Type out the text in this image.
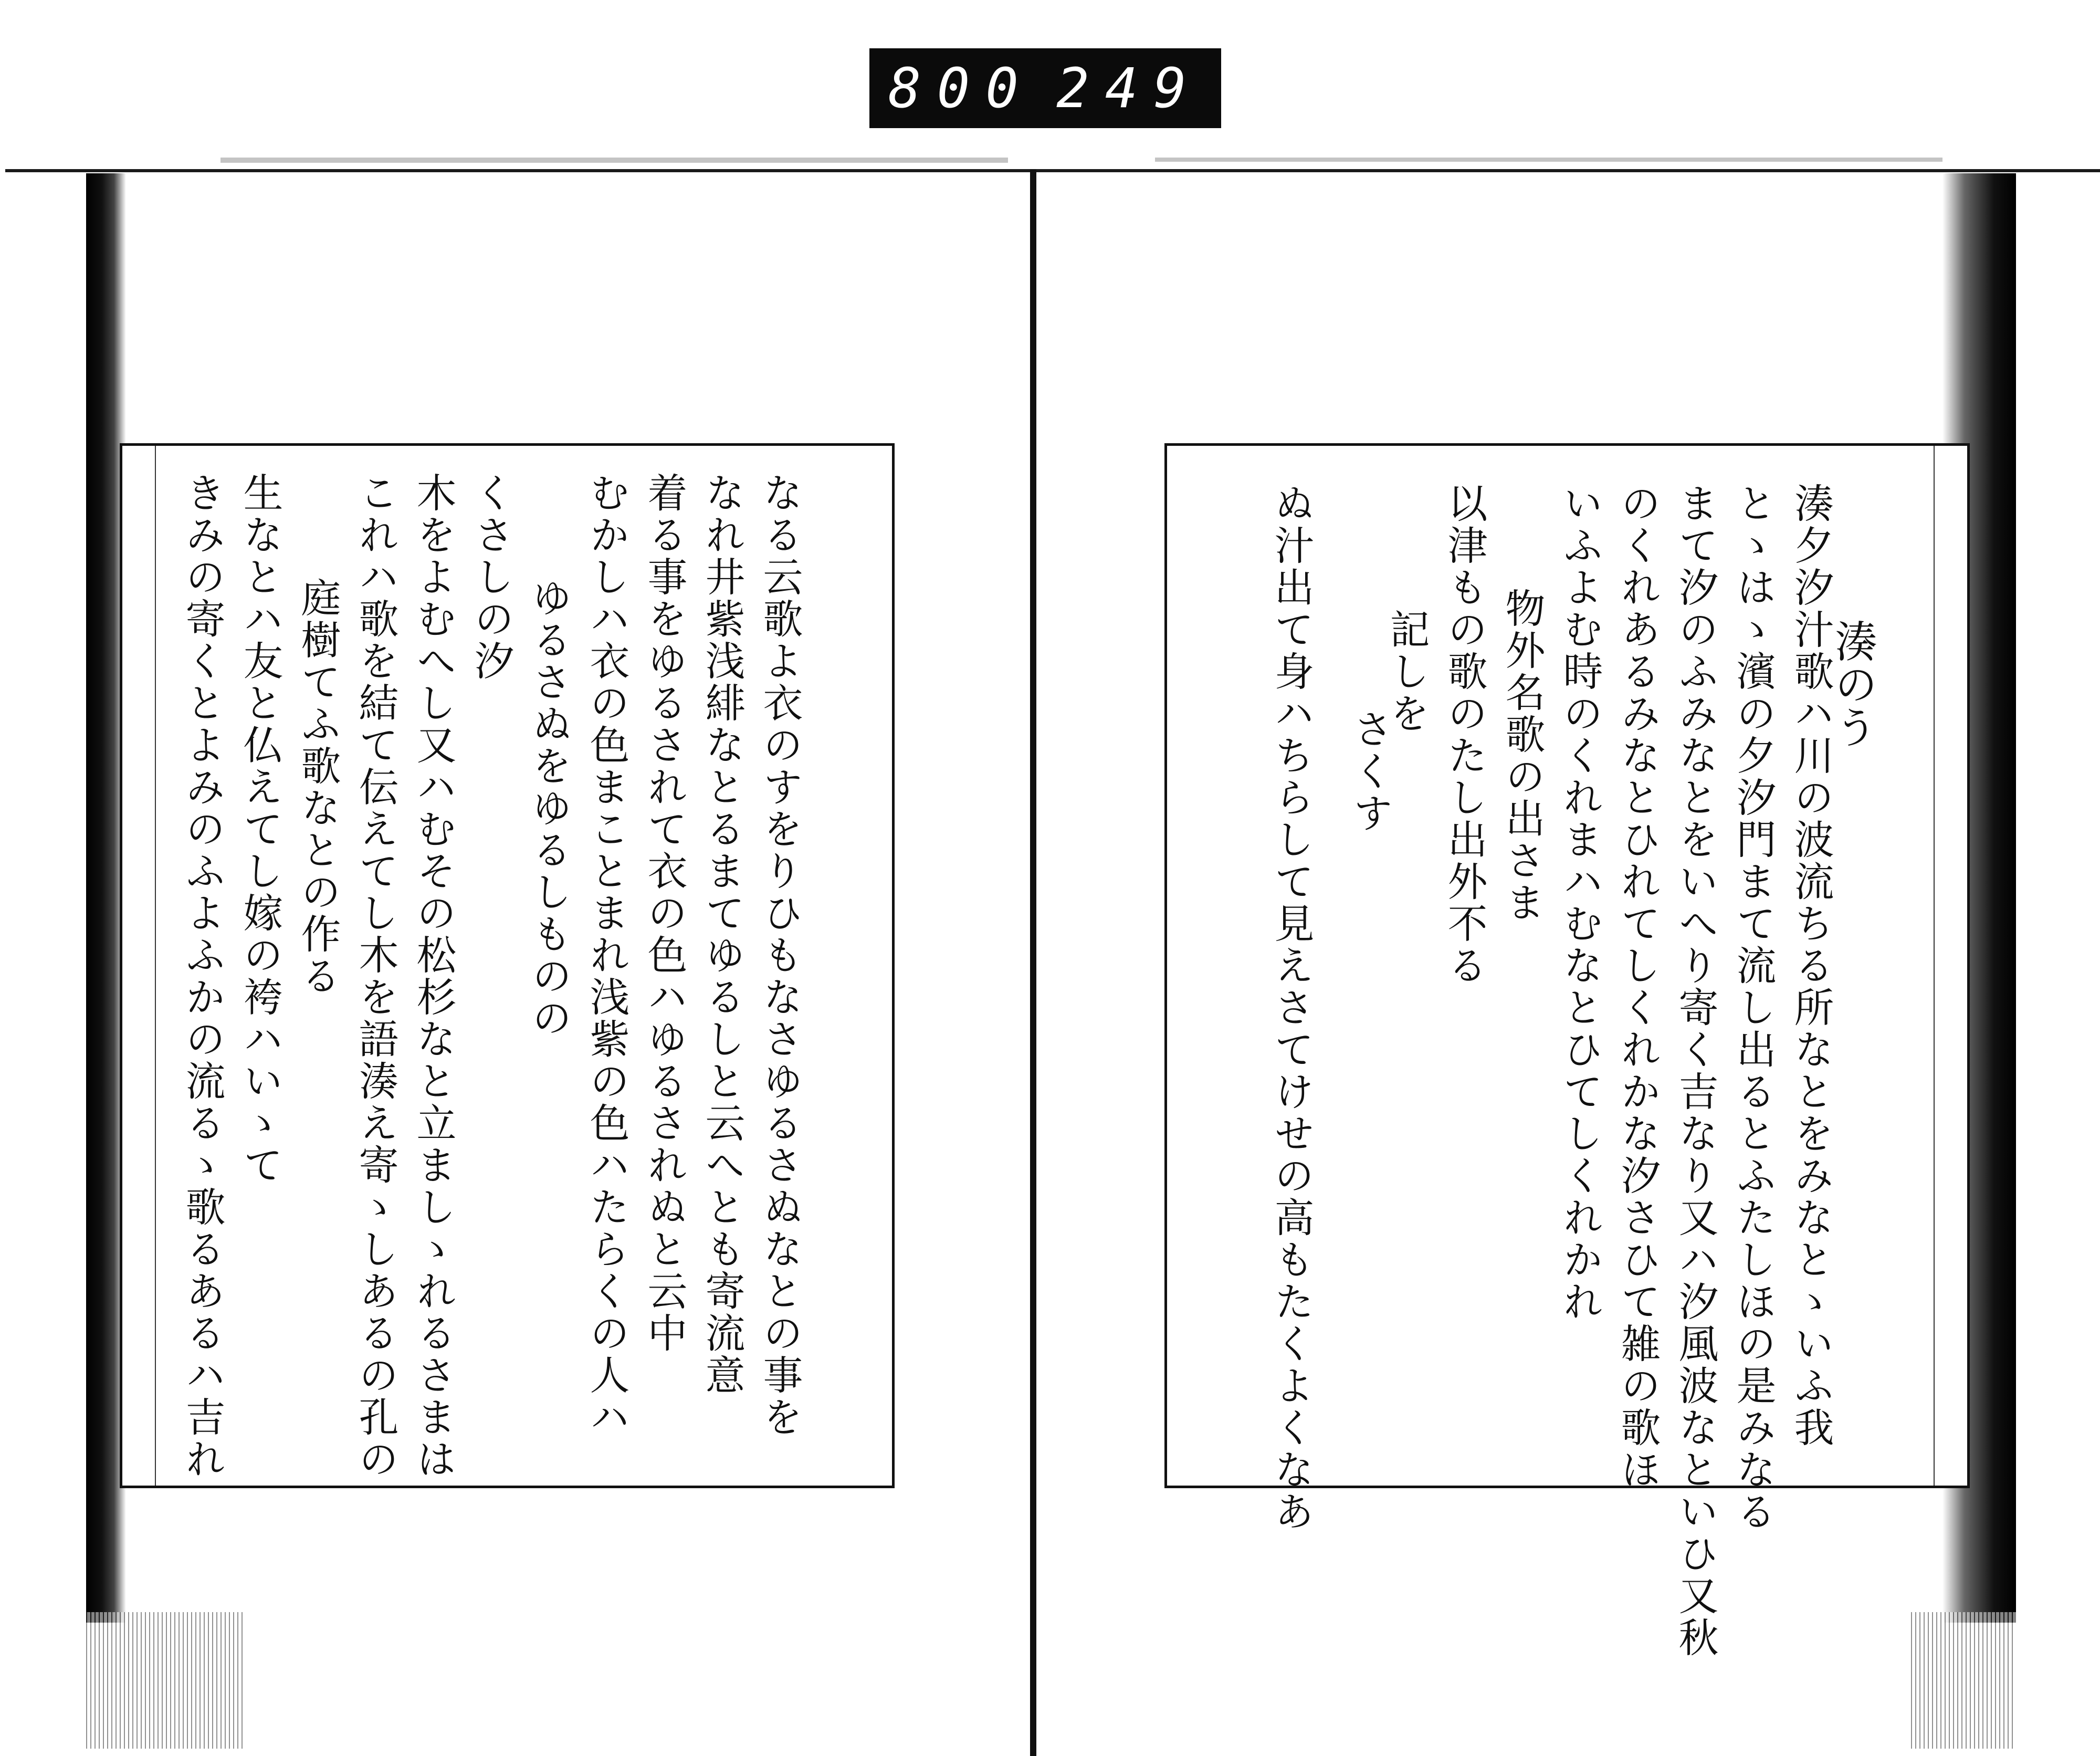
800 249
きみの寄くとよみのふよふかの流るゝ歌るあるハ吉れ 生なとハ友と仏えてし嫁の袴ハいゝて 庭樹てふ歌なとの作る これハ歌を結て伝えてし木を語湊え寄ゝしあるの孔の 木をよむへし又ハむその松杉なと立ましゝれるさまは くさしの汐 ゆるさぬをゆるしものの むかしハ衣の色まことまれ浅紫の色ハたらくの人ハ 着る事をゆるされて衣の色ハゆるされぬと云中 なれ井紫浅緋なとるまてゆるしと云へとも寄流意 なる云歌よ衣のすをりひもなさゆるさぬなとの事を	湊のう
湊夕汐汁歌ハ川の波流ちる所なとをみなとゝいふ我
とゝはゝ濱の夕汐門まて流し出るとふたしほの是みなる
まて汐のふみなとをいへり寄く吉なり又ハ汐風波なといひ又秋
のくれあるみなとひれてしくれかな汐さひて雑の歌ほ
いふよむ時のくれまハむなとひてしくれかれ
物外名歌の出さま
以津もの歌のたし出外不る
記しを
さくす
ぬ汁出て身ハちらして見えさてけせの高もたくよくなあ
